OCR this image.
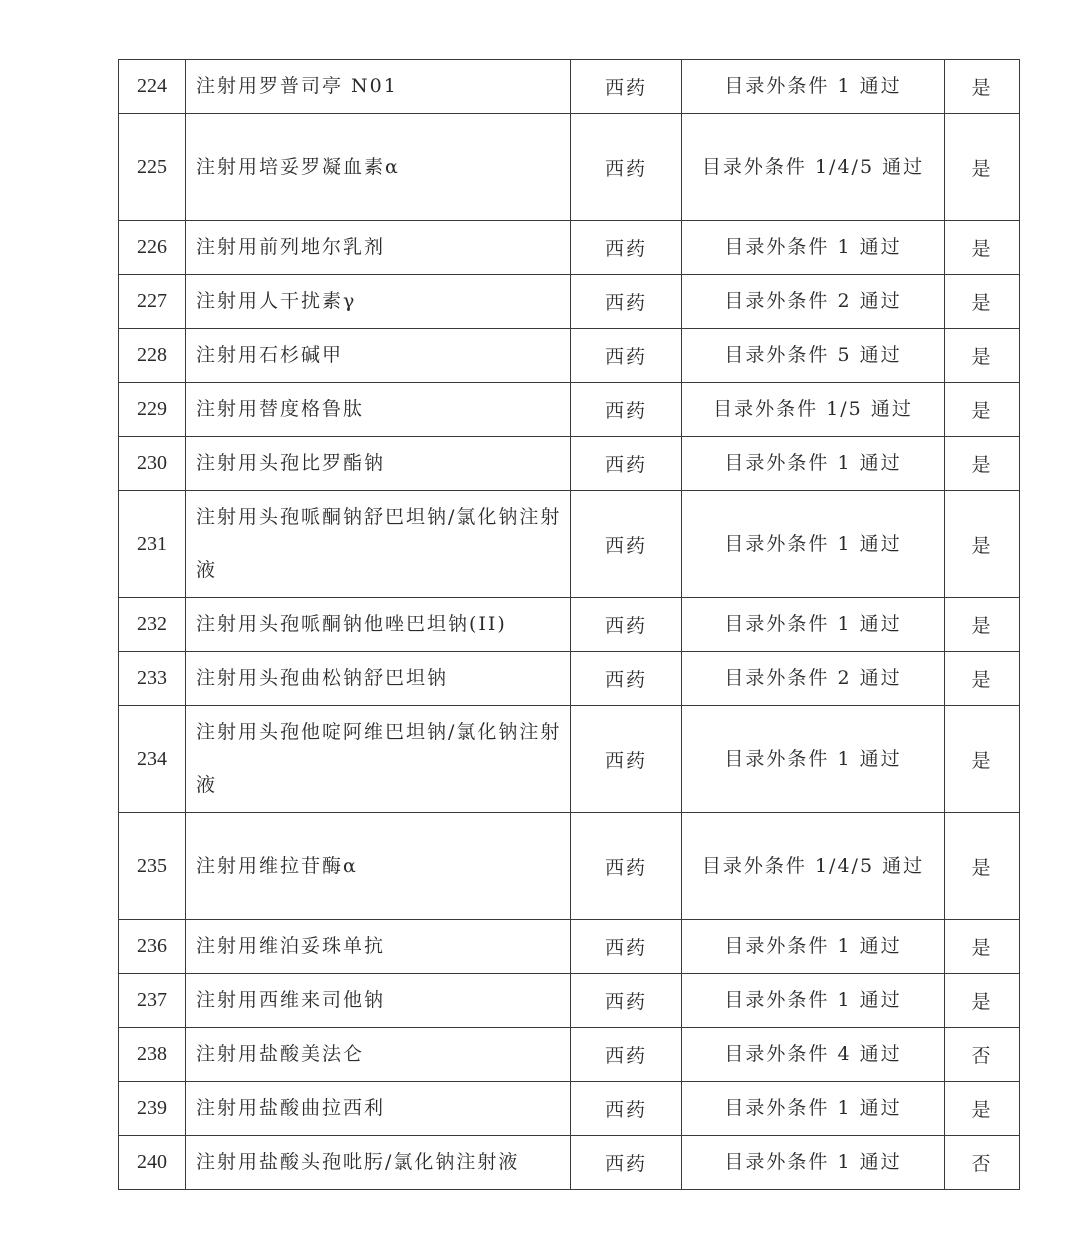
224	注射用罗普司亭 N01	西药	目录外条件 1 通过	是
225	注射用培妥罗凝血素α	西药	目录外条件 1/4/5 通过	是
226	注射用前列地尔乳剂	西药	目录外条件 1 通过	是
227	注射用人干扰素γ	西药	目录外条件 2 通过	是
228	注射用石杉碱甲	西药	目录外条件 5 通过	是
229	注射用替度格鲁肽	西药	目录外条件 1/5 通过	是
230	注射用头孢比罗酯钠	西药	目录外条件 1 通过	是
231	注射用头孢哌酮钠舒巴坦钠/氯化钠注射液	西药	目录外条件 1 通过	是
232	注射用头孢哌酮钠他唑巴坦钠(II)	西药	目录外条件 1 通过	是
233	注射用头孢曲松钠舒巴坦钠	西药	目录外条件 2 通过	是
234	注射用头孢他啶阿维巴坦钠/氯化钠注射液	西药	目录外条件 1 通过	是
235	注射用维拉苷酶α	西药	目录外条件 1/4/5 通过	是
236	注射用维泊妥珠单抗	西药	目录外条件 1 通过	是
237	注射用西维来司他钠	西药	目录外条件 1 通过	是
238	注射用盐酸美法仑	西药	目录外条件 4 通过	否
239	注射用盐酸曲拉西利	西药	目录外条件 1 通过	是
240	注射用盐酸头孢吡肟/氯化钠注射液	西药	目录外条件 1 通过	否
